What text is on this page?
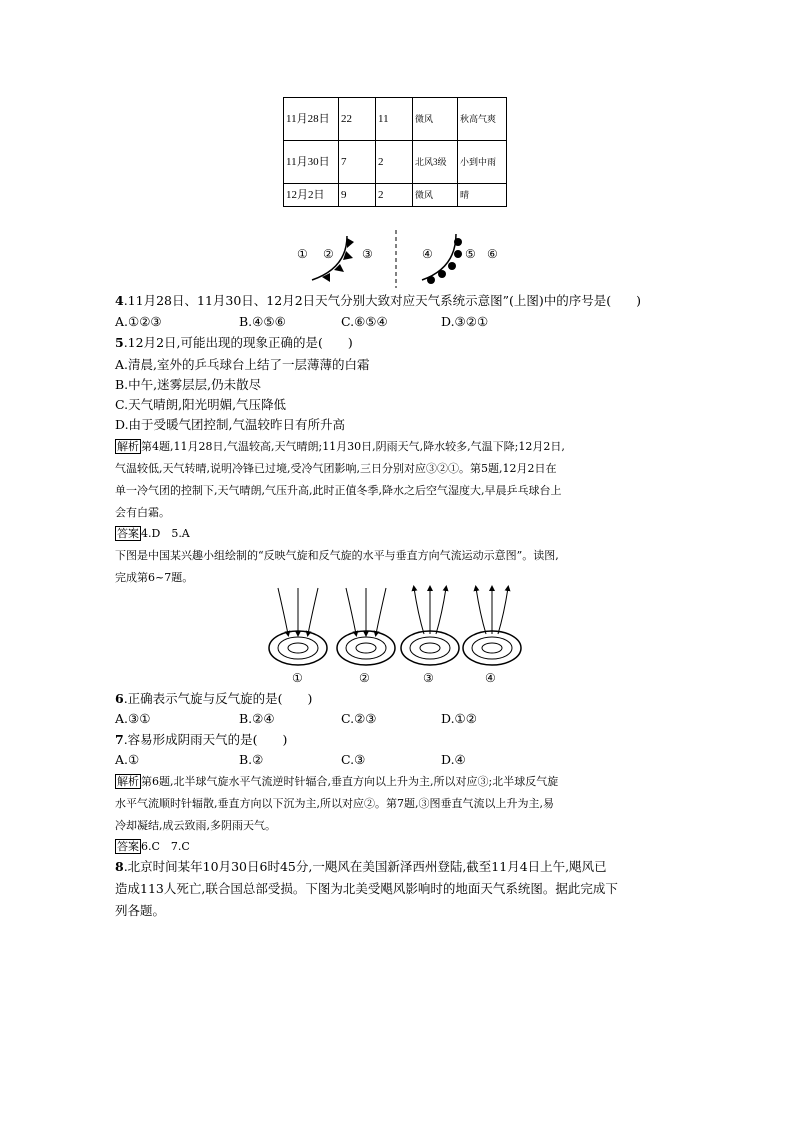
11月28日	22	11	微风	秋高气爽
11月30日	7	2	北风3级	小到中雨
12月2日	9	2	微风	晴
① ② ③	④	⑤ ⑥
4.11月28日、11月30日、12月2日天气分别大致对应天气系统示意图”(上图)中的序号是(　　)
A.①②③	B.④⑤⑥	C.⑥⑤④	D.③②①
5.12月2日,可能出现的现象正确的是(　　)
A.清晨,室外的乒乓球台上结了一层薄薄的白霜
B.中午,迷雾层层,仍未散尽
C.天气晴朗,阳光明媚,气压降低
D.由于受暖气团控制,气温较昨日有所升高
解析 第4题,11月28日,气温较高,天气晴朗;11月30日,阴雨天气,降水较多,气温下降;12月2日,
气温较低,天气转晴,说明冷锋已过境,受冷气团影响,三日分别对应③②①。第5题,12月2日在
单一冷气团的控制下,天气晴朗,气压升高,此时正值冬季,降水之后空气湿度大,早晨乒乓球台上
会有白霜。
答案 4.D　5.A
下图是中国某兴趣小组绘制的“反映气旋和反气旋的水平与垂直方向气流运动示意图”。读图,
完成第6~7题。
①	②	③	④
6.正确表示气旋与反气旋的是(　　)
A.③①	B.②④	C.②③	D.①②
7.容易形成阴雨天气的是(　　)
A.①	B.②	C.③	D.④
解析 第6题,北半球气旋水平气流逆时针辐合,垂直方向以上升为主,所以对应③;北半球反气旋
水平气流顺时针辐散,垂直方向以下沉为主,所以对应②。第7题,③图垂直气流以上升为主,易
冷却凝结,成云致雨,多阴雨天气。
答案 6.C　7.C
8.北京时间某年10月30日6时45分,一飓风在美国新泽西州登陆,截至11月4日上午,飓风已
造成113人死亡,联合国总部受损。下图为北美受飓风影响时的地面天气系统图。据此完成下
列各题。
